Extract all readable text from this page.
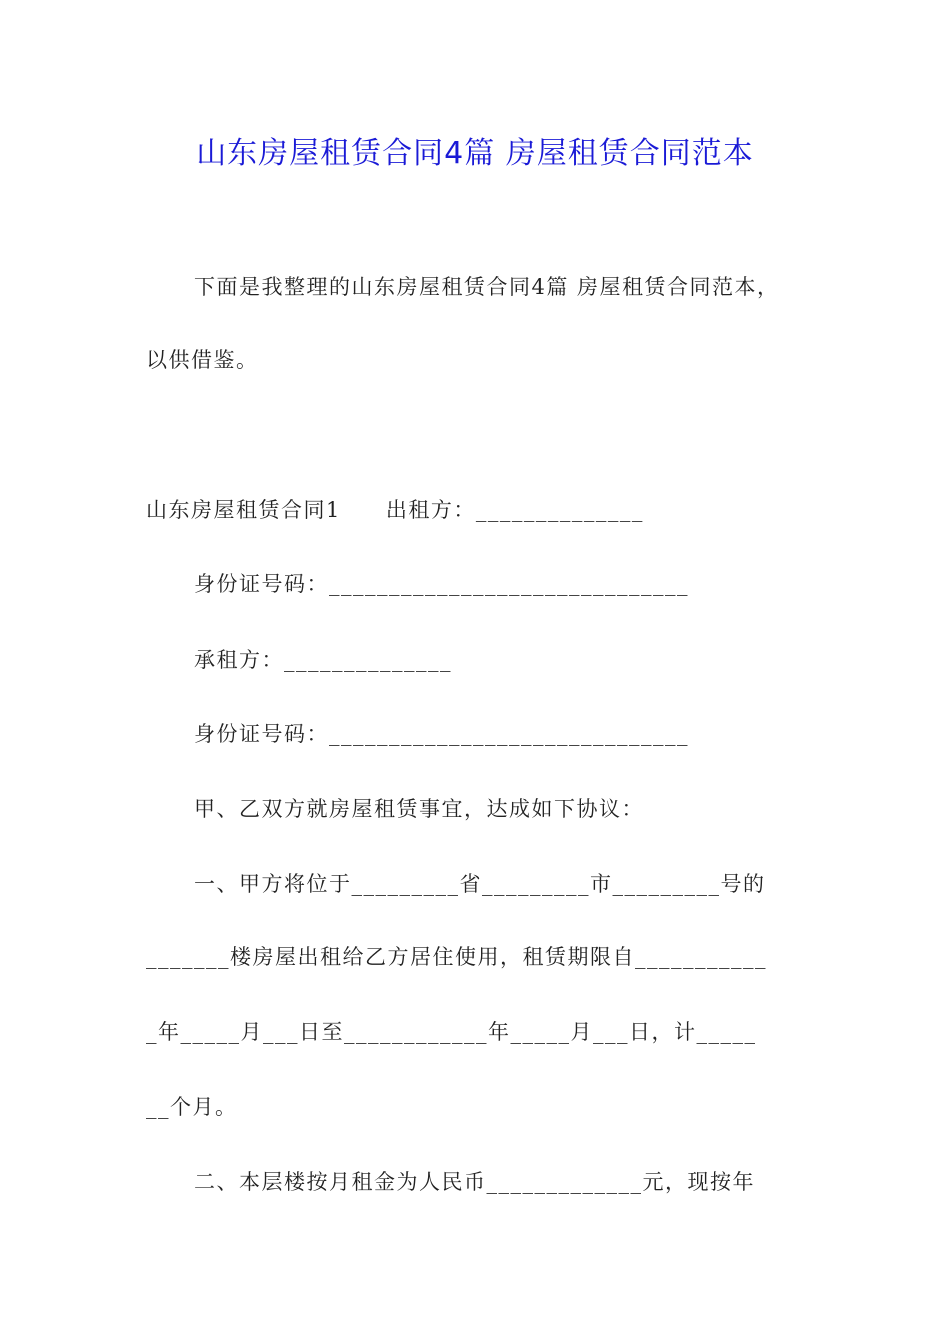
山东房屋租赁合同4篇 房屋租赁合同范本

下面是我整理的山东房屋租赁合同4篇 房屋租赁合同范本，

以供借鉴。

山东房屋租赁合同1　　出租方：______________

身份证号码：______________________________

承租方：______________

身份证号码：______________________________

甲、乙双方就房屋租赁事宜，达成如下协议：

一、甲方将位于_________省_________市_________号的

_______楼房屋出租给乙方居住使用，租赁期限自___________

_年_____月___日至____________年_____月___日，计_____

__个月。

二、本层楼按月租金为人民币_____________元，现按年
